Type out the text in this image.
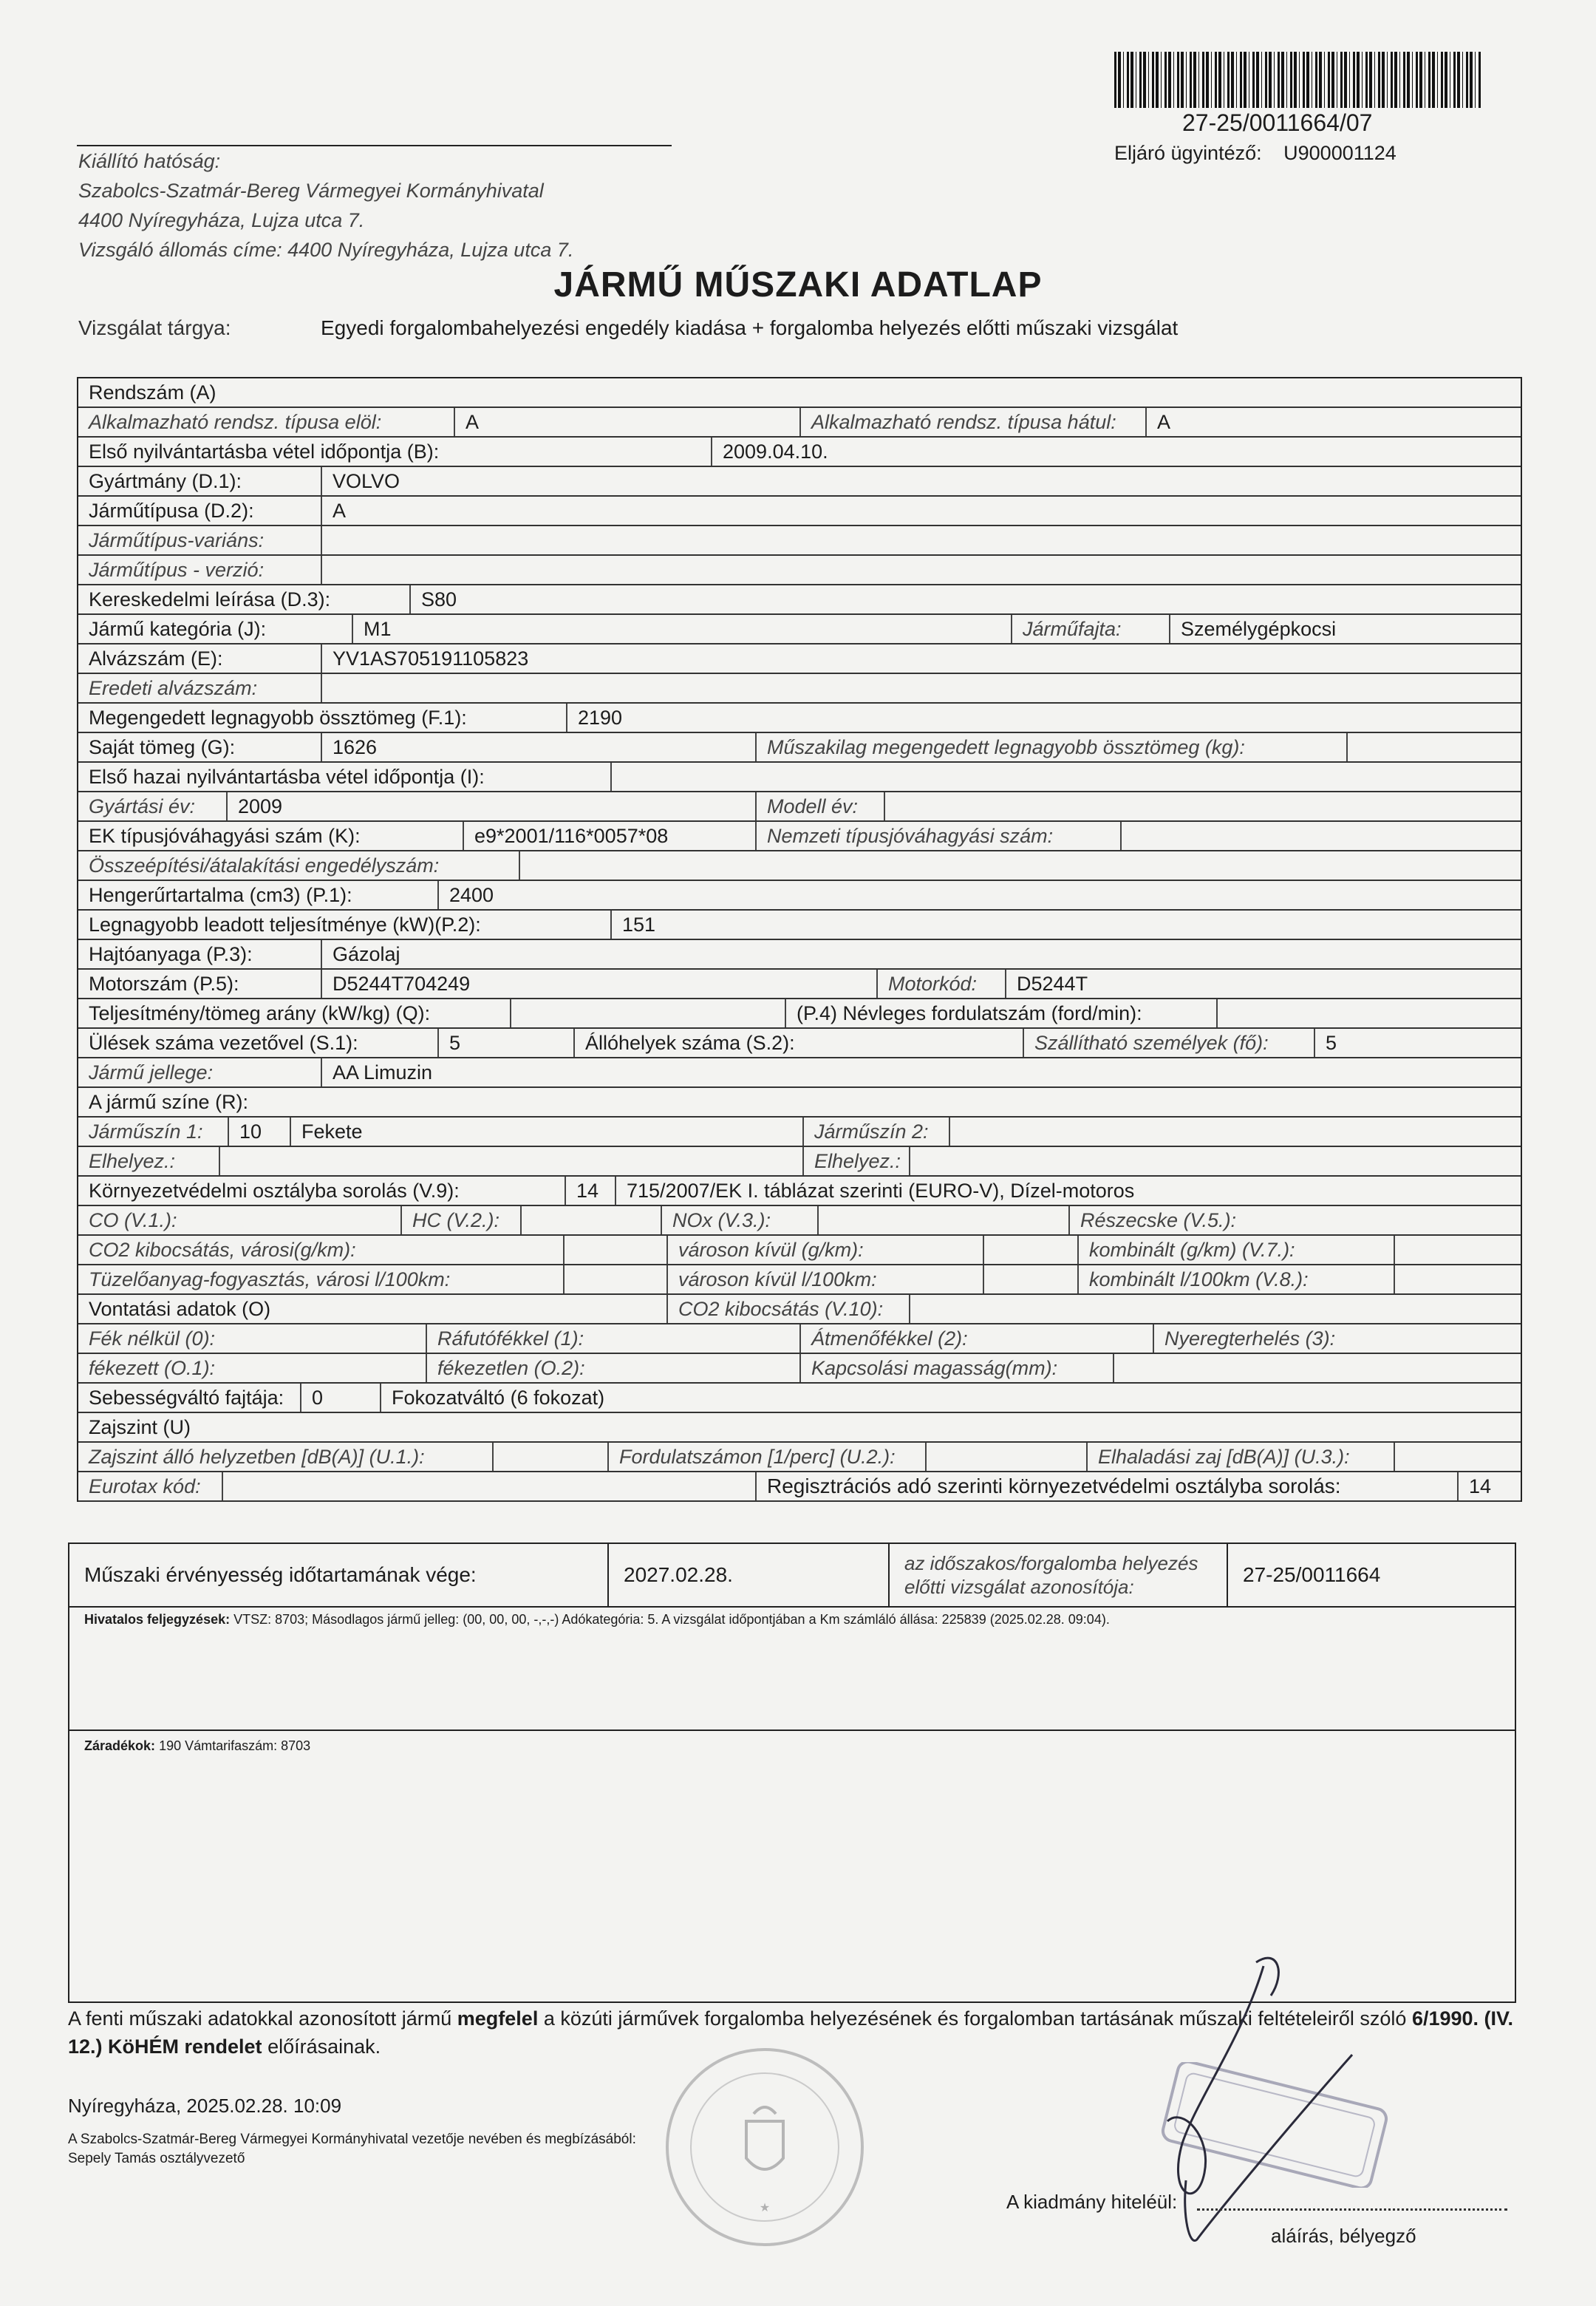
27-25/0011664/07
Eljáró ügyintéző: U900001124
Kiállító hatóság:
Szabolcs-Szatmár-Bereg Vármegyei Kormányhivatal
4400 Nyíregyháza, Lujza utca 7.
Vizsgáló állomás címe: 4400 Nyíregyháza, Lujza utca 7.
JÁRMŰ MŰSZAKI ADATLAP
Vizsgálat tárgya:	Egyedi forgalombahelyezési engedély kiadása + forgalomba helyezés előtti műszaki vizsgálat
Rendszám (A)
Alkalmazható rendsz. típusa elöl:	A	Alkalmazható rendsz. típusa hátul:	A
Első nyilvántartásba vétel időpontja (B):	2009.04.10.
Gyártmány (D.1):	VOLVO
Járműtípusa (D.2):	A
Járműtípus-variáns:
Járműtípus - verzió:
Kereskedelmi leírása (D.3):	S80
Jármű kategória (J):	M1	Járműfajta:	Személygépkocsi
Alvázszám (E):	YV1AS705191105823
Eredeti alvázszám:
Megengedett legnagyobb össztömeg (F.1):	2190
Saját tömeg (G):	1626	Műszakilag megengedett legnagyobb össztömeg (kg):
Első hazai nyilvántartásba vétel időpontja (I):
Gyártási év:	2009	Modell év:
EK típusjóváhagyási szám (K):	e9*2001/116*0057*08	Nemzeti típusjóváhagyási szám:
Összeépítési/átalakítási engedélyszám:
Hengerűrtartalma (cm3) (P.1):	2400
Legnagyobb leadott teljesítménye (kW)(P.2):	151
Hajtóanyaga (P.3):	Gázolaj
Motorszám (P.5):	D5244T704249	Motorkód:	D5244T
Teljesítmény/tömeg arány (kW/kg) (Q):	(P.4) Névleges fordulatszám (ford/min):
Ülések száma vezetővel (S.1):	5	Állóhelyek száma (S.2):	Szállítható személyek (fő):	5
Jármű jellege:	AA Limuzin
A jármű színe (R):
Járműszín 1:	10	Fekete	Járműszín 2:
Elhelyez.:	Elhelyez.:
Környezetvédelmi osztályba sorolás (V.9):	14	715/2007/EK I. táblázat szerinti (EURO-V), Dízel-motoros
CO (V.1.):	HC (V.2.):	NOx (V.3.):	Részecske (V.5.):
CO2 kibocsátás, városi(g/km):	városon kívül (g/km):	kombinált (g/km) (V.7.):
Tüzelőanyag-fogyasztás, városi l/100km:	városon kívül l/100km:	kombinált l/100km (V.8.):
Vontatási adatok (O)	CO2 kibocsátás (V.10):
Fék nélkül (0):	Ráfutófékkel (1):	Átmenőfékkel (2):	Nyeregterhelés (3):
fékezett (O.1):	fékezetlen (O.2):	Kapcsolási magasság(mm):
Sebességváltó fajtája:	0	Fokozatváltó (6 fokozat)
Zajszint (U)
Zajszint álló helyzetben [dB(A)] (U.1.):	Fordulatszámon [1/perc] (U.2.):	Elhaladási zaj [dB(A)] (U.3.):
Eurotax kód:	Regisztrációs adó szerinti környezetvédelmi osztályba sorolás:	14
Műszaki érvényesség időtartamának vége:	2027.02.28.	az időszakos/forgalomba helyezés előtti vizsgálat azonosítója:
27-25/0011664
Hivatalos feljegyzések: VTSZ: 8703; Másodlagos jármű jelleg: (00, 00, 00, -,-,-) Adókategória: 5. A vizsgálat időpontjában a Km számláló állása: 225839 (2025.02.28. 09:04).
Záradékok: 190 Vámtarifaszám: 8703
A fenti műszaki adatokkal azonosított jármű megfelel a közúti járművek forgalomba helyezésének és forgalomban tartásának műszaki feltételeiről szóló 6/1990. (IV. 12.) KöHÉM rendelet előírásainak.
Nyíregyháza, 2025.02.28. 10:09
A Szabolcs-Szatmár-Bereg Vármegyei Kormányhivatal vezetője nevében és megbízásából:
Sepely Tamás osztályvezető
★	A kiadmány hiteléül:
aláírás, bélyegző
